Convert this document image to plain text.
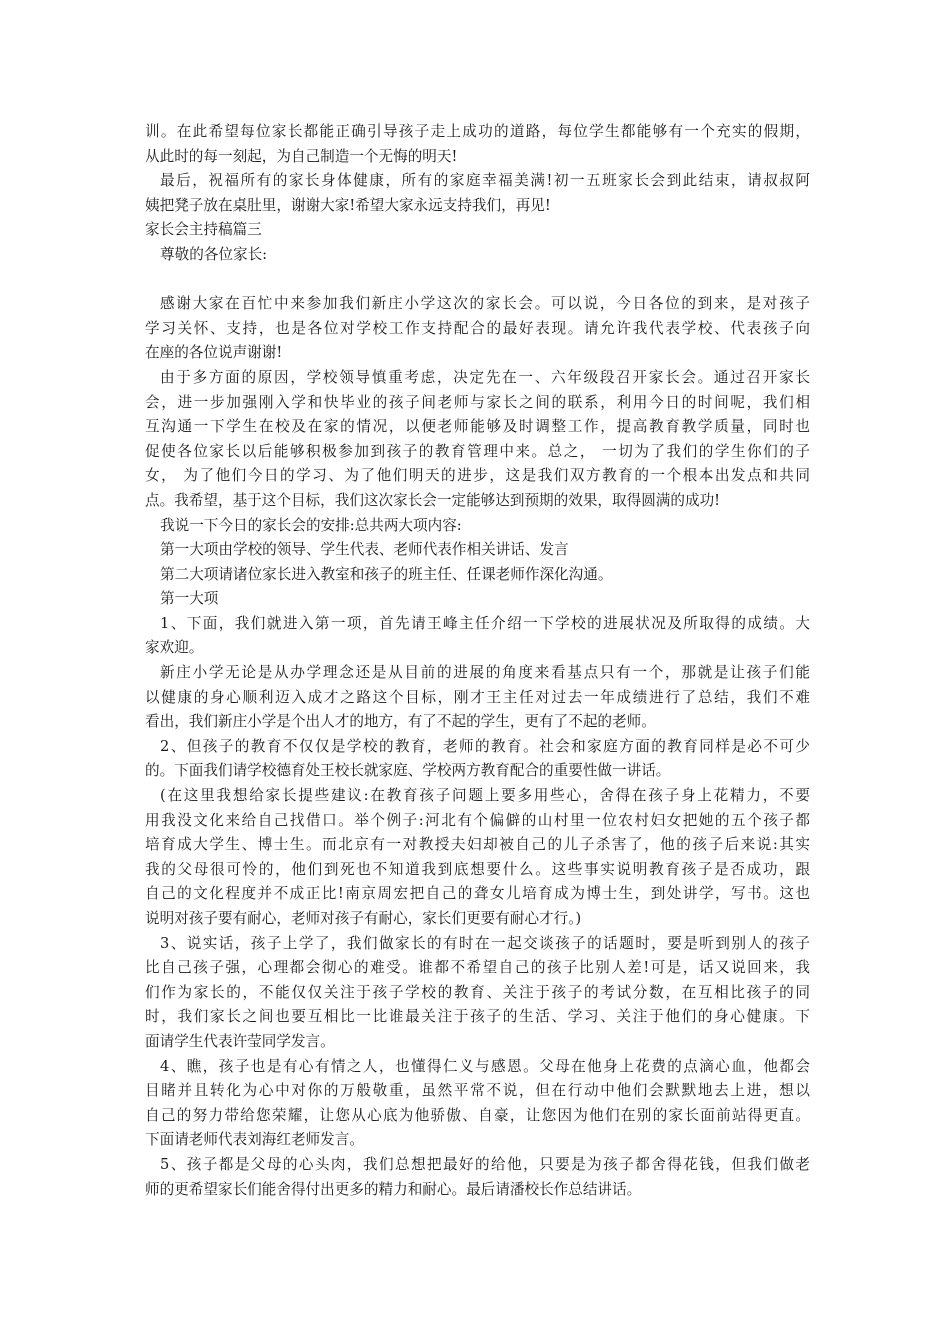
训。在此希望每位家长都能正确引导孩子走上成功的道路，每位学生都能够有一个充实的假期，

从此时的每一刻起，为自己制造一个无悔的明天!

最后，祝福所有的家长身体健康，所有的家庭幸福美满!初一五班家长会到此结束，请叔叔阿

姨把凳子放在桌肚里，谢谢大家!希望大家永远支持我们，再见!

家长会主持稿篇三

尊敬的各位家长:

感谢大家在百忙中来参加我们新庄小学这次的家长会。可以说，今日各位的到来，是对孩子

学习关怀、支持，也是各位对学校工作支持配合的最好表现。请允许我代表学校、代表孩子向

在座的各位说声谢谢!

由于多方面的原因，学校领导慎重考虑，决定先在一、六年级段召开家长会。通过召开家长

会，进一步加强刚入学和快毕业的孩子间老师与家长之间的联系，利用今日的时间呢，我们相

互沟通一下学生在校及在家的情况，以便老师能够及时调整工作，提高教育教学质量，同时也

促使各位家长以后能够积极参加到孩子的教育管理中来。总之， 一切为了我们的学生你们的子

女， 为了他们今日的学习、为了他们明天的进步，这是我们双方教育的一个根本出发点和共同

点。我希望，基于这个目标，我们这次家长会一定能够达到预期的效果，取得圆满的成功!

我说一下今日的家长会的安排:总共两大项内容:

第一大项由学校的领导、学生代表、老师代表作相关讲话、发言

第二大项请诸位家长进入教室和孩子的班主任、任课老师作深化沟通。

第一大项

1、下面，我们就进入第一项，首先请王峰主任介绍一下学校的进展状况及所取得的成绩。大

家欢迎。

新庄小学无论是从办学理念还是从目前的进展的角度来看基点只有一个，那就是让孩子们能

以健康的身心顺利迈入成才之路这个目标，刚才王主任对过去一年成绩进行了总结，我们不难

看出，我们新庄小学是个出人才的地方，有了不起的学生，更有了不起的老师。

2、但孩子的教育不仅仅是学校的教育，老师的教育。社会和家庭方面的教育同样是必不可少

的。下面我们请学校德育处王校长就家庭、学校两方教育配合的重要性做一讲话。

(在这里我想给家长提些建议:在教育孩子问题上要多用些心，舍得在孩子身上花精力，不要

用我没文化来给自己找借口。举个例子:河北有个偏僻的山村里一位农村妇女把她的五个孩子都

培育成大学生、博士生。而北京有一对教授夫妇却被自己的儿子杀害了，他的孩子后来说:其实

我的父母很可怜的，他们到死也不知道我到底想要什么。这些事实说明教育孩子是否成功，跟

自己的文化程度并不成正比!南京周宏把自己的聋女儿培育成为博士生，到处讲学，写书。这也

说明对孩子要有耐心，老师对孩子有耐心，家长们更要有耐心才行。)

3、说实话，孩子上学了，我们做家长的有时在一起交谈孩子的话题时，要是听到别人的孩子

比自己孩子强，心理都会彻心的难受。谁都不希望自己的孩子比别人差!可是，话又说回来，我

们作为家长的，不能仅仅关注于孩子学校的教育、关注于孩子的考试分数，在互相比孩子的同

时，我们家长之间也要互相比一比谁最关注于孩子的生活、学习、关注于他们的身心健康。下

面请学生代表许莹同学发言。

4、瞧，孩子也是有心有情之人，也懂得仁义与感恩。父母在他身上花费的点滴心血，他都会

目睹并且转化为心中对你的万般敬重，虽然平常不说，但在行动中他们会默默地去上进，想以

自己的努力带给您荣耀，让您从心底为他骄傲、自豪，让您因为他们在别的家长面前站得更直。

下面请老师代表刘海红老师发言。

5、孩子都是父母的心头肉，我们总想把最好的给他，只要是为孩子都舍得花钱，但我们做老

师的更希望家长们能舍得付出更多的精力和耐心。最后请潘校长作总结讲话。
